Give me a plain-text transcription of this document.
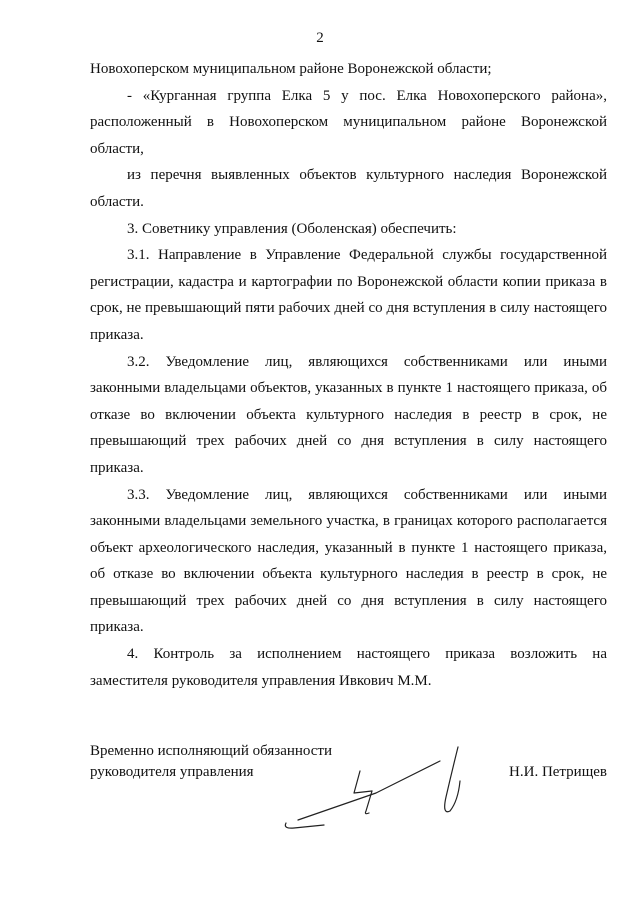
2

Новохоперском муниципальном районе Воронежской области;

- «Курганная группа Елка 5 у пос. Елка Новохоперского района», расположенный в Новохоперском муниципальном районе Воронежской области,

из перечня выявленных объектов культурного наследия Воронежской области.

3. Советнику управления (Оболенская) обеспечить:

3.1. Направление в Управление Федеральной службы государственной регистрации, кадастра и картографии по Воронежской области копии приказа в срок, не превышающий пяти рабочих дней со дня вступления в силу настоящего приказа.

3.2. Уведомление лиц, являющихся собственниками или иными законными владельцами объектов, указанных в пункте 1 настоящего приказа, об отказе во включении объекта культурного наследия в реестр в срок, не превышающий трех рабочих дней со дня вступления в силу настоящего приказа.

3.3. Уведомление лиц, являющихся собственниками или иными законными владельцами земельного участка, в границах которого располагается объект археологического наследия, указанный в пункте 1 настоящего приказа, об отказе во включении объекта культурного наследия в реестр в срок, не превышающий трех рабочих дней со дня вступления в силу настоящего приказа.

4. Контроль за исполнением настоящего приказа возложить на заместителя руководителя управления Ивкович М.М.

Временно исполняющий обязанности
руководителя управления	Н.И. Петрищев
